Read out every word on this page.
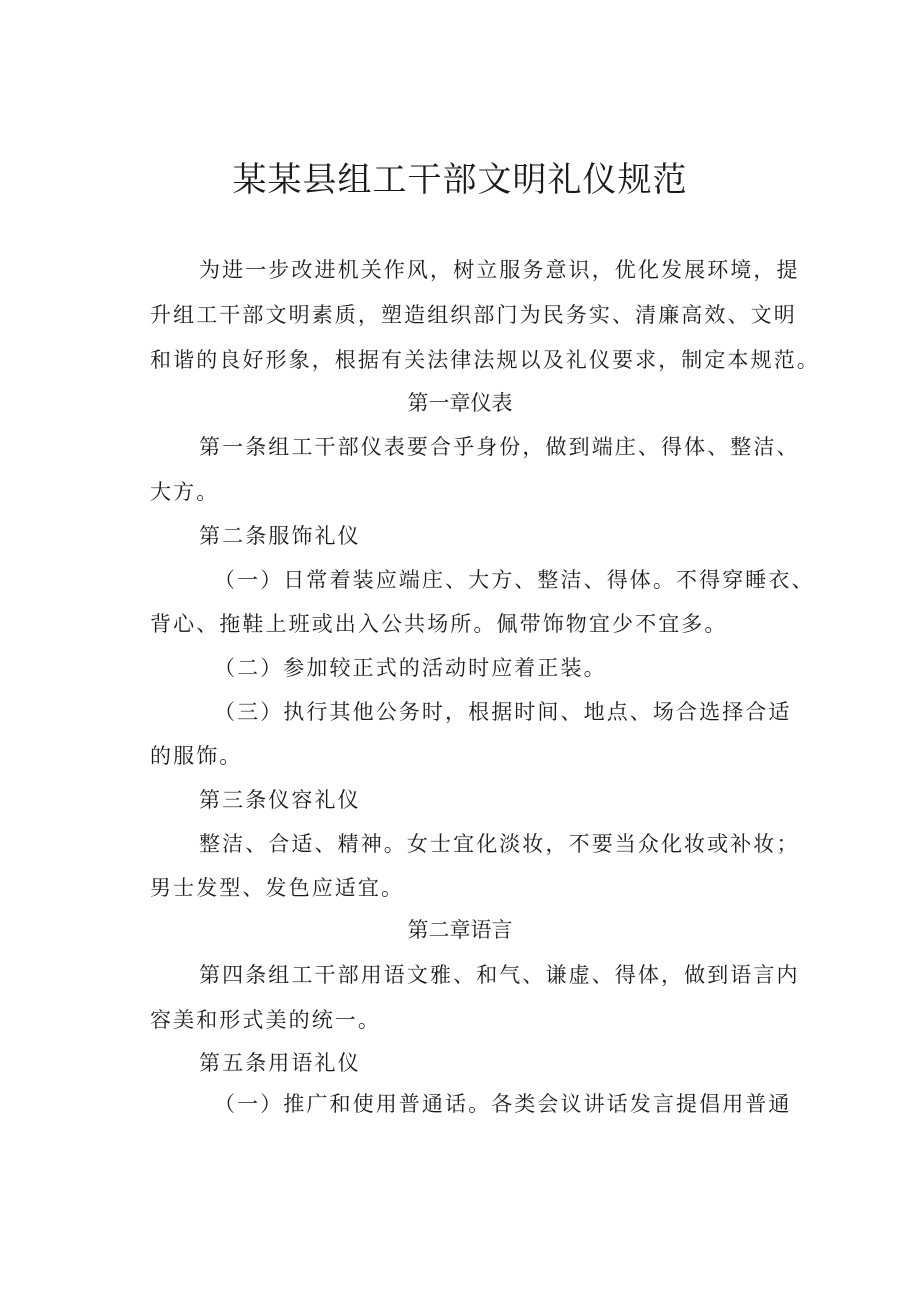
某某县组工干部文明礼仪规范
为进一步改进机关作风，树立服务意识，优化发展环境，提
升组工干部文明素质，塑造组织部门为民务实、清廉高效、文明
和谐的良好形象，根据有关法律法规以及礼仪要求，制定本规范。
第一章仪表
第一条组工干部仪表要合乎身份，做到端庄、得体、整洁、
大方。
第二条服饰礼仪
（一）日常着装应端庄、大方、整洁、得体。不得穿睡衣、
背心、拖鞋上班或出入公共场所。佩带饰物宜少不宜多。
（二）参加较正式的活动时应着正装。
（三）执行其他公务时，根据时间、地点、场合选择合适
的服饰。
第三条仪容礼仪
整洁、合适、精神。女士宜化淡妆，不要当众化妆或补妆；
男士发型、发色应适宜。
第二章语言
第四条组工干部用语文雅、和气、谦虚、得体，做到语言内
容美和形式美的统一。
第五条用语礼仪
（一）推广和使用普通话。各类会议讲话发言提倡用普通
